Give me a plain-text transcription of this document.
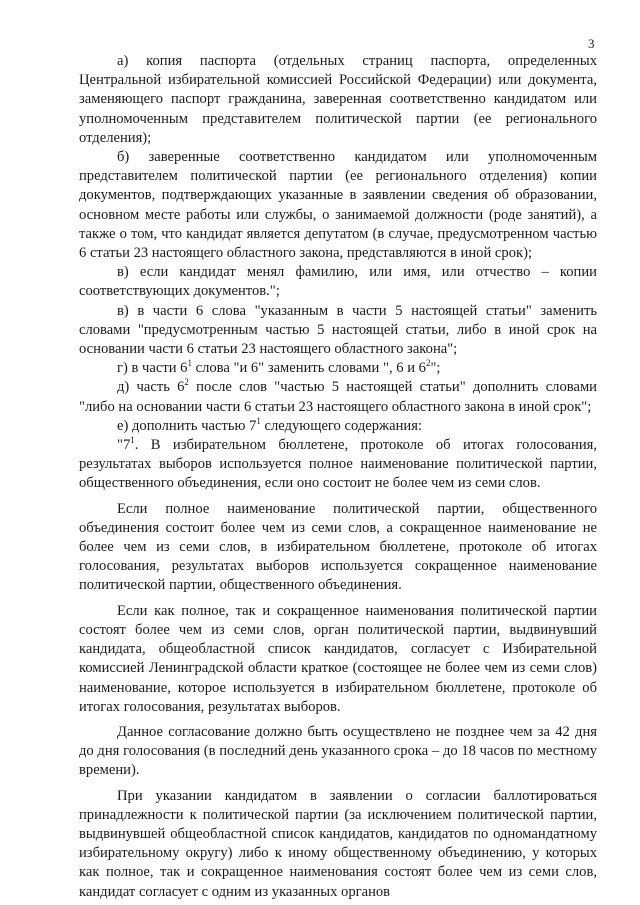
3

а) копия паспорта (отдельных страниц паспорта, определенных Центральной избирательной комиссией Российской Федерации) или документа, заменяющего паспорт гражданина, заверенная соответственно кандидатом или уполномоченным представителем политической партии (ее регионального отделения);

б) заверенные соответственно кандидатом или уполномоченным представителем политической партии (ее регионального отделения) копии документов, подтверждающих указанные в заявлении сведения об образовании, основном месте работы или службы, о занимаемой должности (роде занятий), а также о том, что кандидат является депутатом (в случае, предусмотренном частью 6 статьи 23 настоящего областного закона, представляются в иной срок);

в) если кандидат менял фамилию, или имя, или отчество – копии соответствующих документов.";

в) в части 6 слова "указанным в части 5 настоящей статьи" заменить словами "предусмотренным частью 5 настоящей статьи, либо в иной срок на основании части 6 статьи 23 настоящего областного закона";

г) в части $6^1$ слова "и 6" заменить словами ", 6 и $6^2$";

д) часть $6^2$ после слов "частью 5 настоящей статьи" дополнить словами "либо на основании части 6 статьи 23 настоящего областного закона в иной срок";

е) дополнить частью $7^1$ следующего содержания:

"$7^1$. В избирательном бюллетене, протоколе об итогах голосования, результатах выборов используется полное наименование политической партии, общественного объединения, если оно состоит не более чем из семи слов.

Если полное наименование политической партии, общественного объединения состоит более чем из семи слов, а сокращенное наименование не более чем из семи слов, в избирательном бюллетене, протоколе об итогах голосования, результатах выборов используется сокращенное наименование политической партии, общественного объединения.

Если как полное, так и сокращенное наименования политической партии состоят более чем из семи слов, орган политической партии, выдвинувший кандидата, общеобластной список кандидатов, согласует с Избирательной комиссией Ленинградской области краткое (состоящее не более чем из семи слов) наименование, которое используется в избирательном бюллетене, протоколе об итогах голосования, результатах выборов.

Данное согласование должно быть осуществлено не позднее чем за 42 дня до дня голосования (в последний день указанного срока – до 18 часов по местному времени).

При указании кандидатом в заявлении о согласии баллотироваться принадлежности к политической партии (за исключением политической партии, выдвинувшей общеобластной список кандидатов, кандидатов по одномандатному избирательному округу) либо к иному общественному объединению, у которых как полное, так и сокращенное наименования состоят более чем из семи слов, кандидат согласует с одним из указанных органов
